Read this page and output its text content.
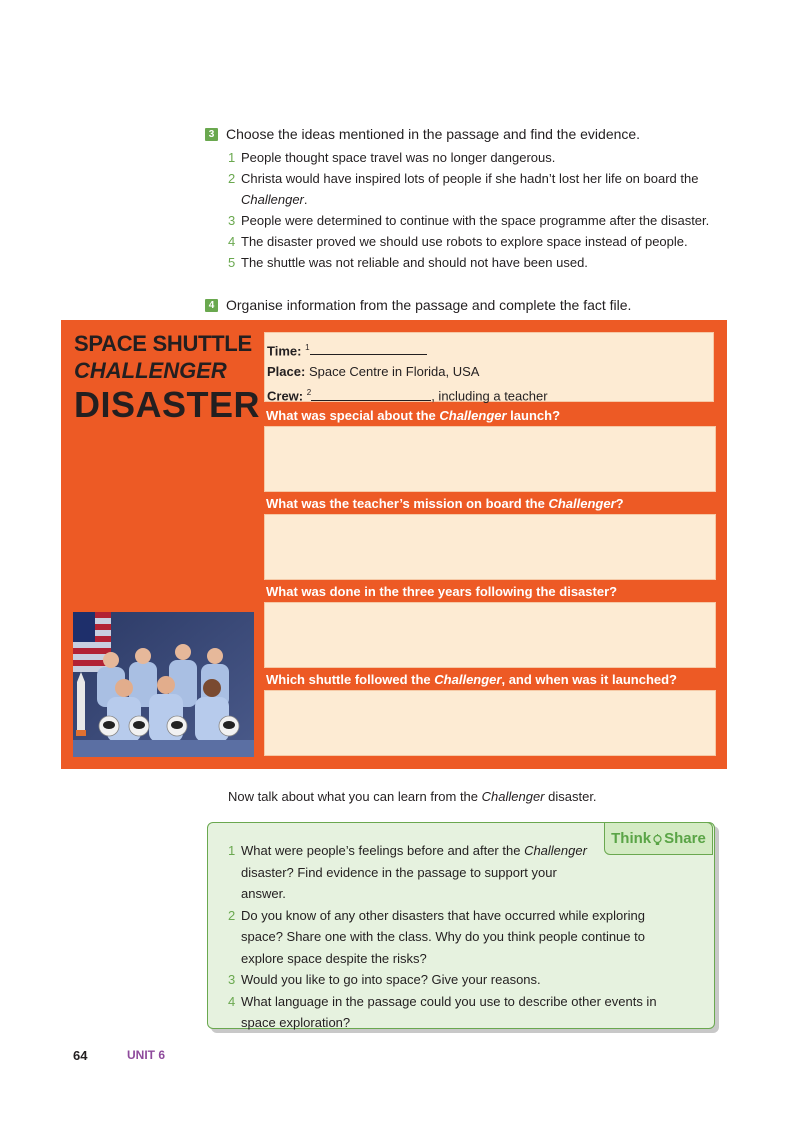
3 Choose the ideas mentioned in the passage and find the evidence.
1 People thought space travel was no longer dangerous.
2 Christa would have inspired lots of people if she hadn’t lost her life on board the Challenger.
3 People were determined to continue with the space programme after the disaster.
4 The disaster proved we should use robots to explore space instead of people.
5 The shuttle was not reliable and should not have been used.
4 Organise information from the passage and complete the fact file.
SPACE SHUTTLE
CHALLENGER
DISASTER
Time: $^1$
Place: Space Centre in Florida, USA
Crew: $^2$	, including a teacher
What was special about the Challenger launch?
What was the teacher’s mission on board the Challenger?
What was done in the three years following the disaster?
Which shuttle followed the Challenger, and when was it launched?
Now talk about what you can learn from the Challenger disaster.
Think Share
1 What were people’s feelings before and after the Challenger disaster? Find evidence in the passage to support your answer.
2 Do you know of any other disasters that have occurred while exploring space? Share one with the class. Why do you think people continue to explore space despite the risks?
3 Would you like to go into space? Give your reasons.
4 What language in the passage could you use to describe other events in space exploration?
64	UNIT 6
